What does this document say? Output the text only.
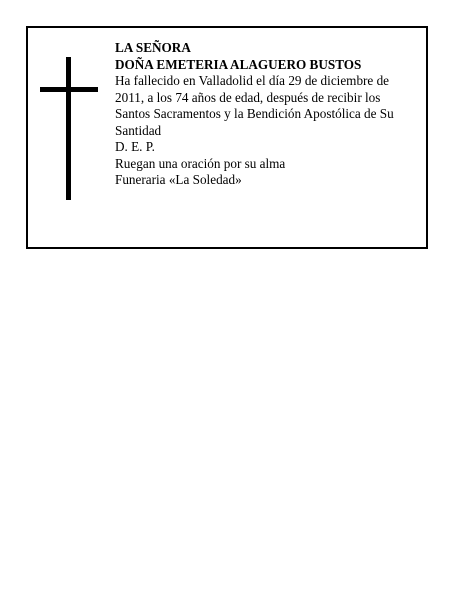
LA SEÑORA
DOÑA EMETERIA ALAGUERO BUSTOS
Ha fallecido en Valladolid el día 29 de diciembre de 2011, a los 74 años de edad, después de recibir los Santos Sacramentos y la Bendición Apostólica de Su Santidad
D. E. P.
Ruegan una oración por su alma
Funeraria «La Soledad»
